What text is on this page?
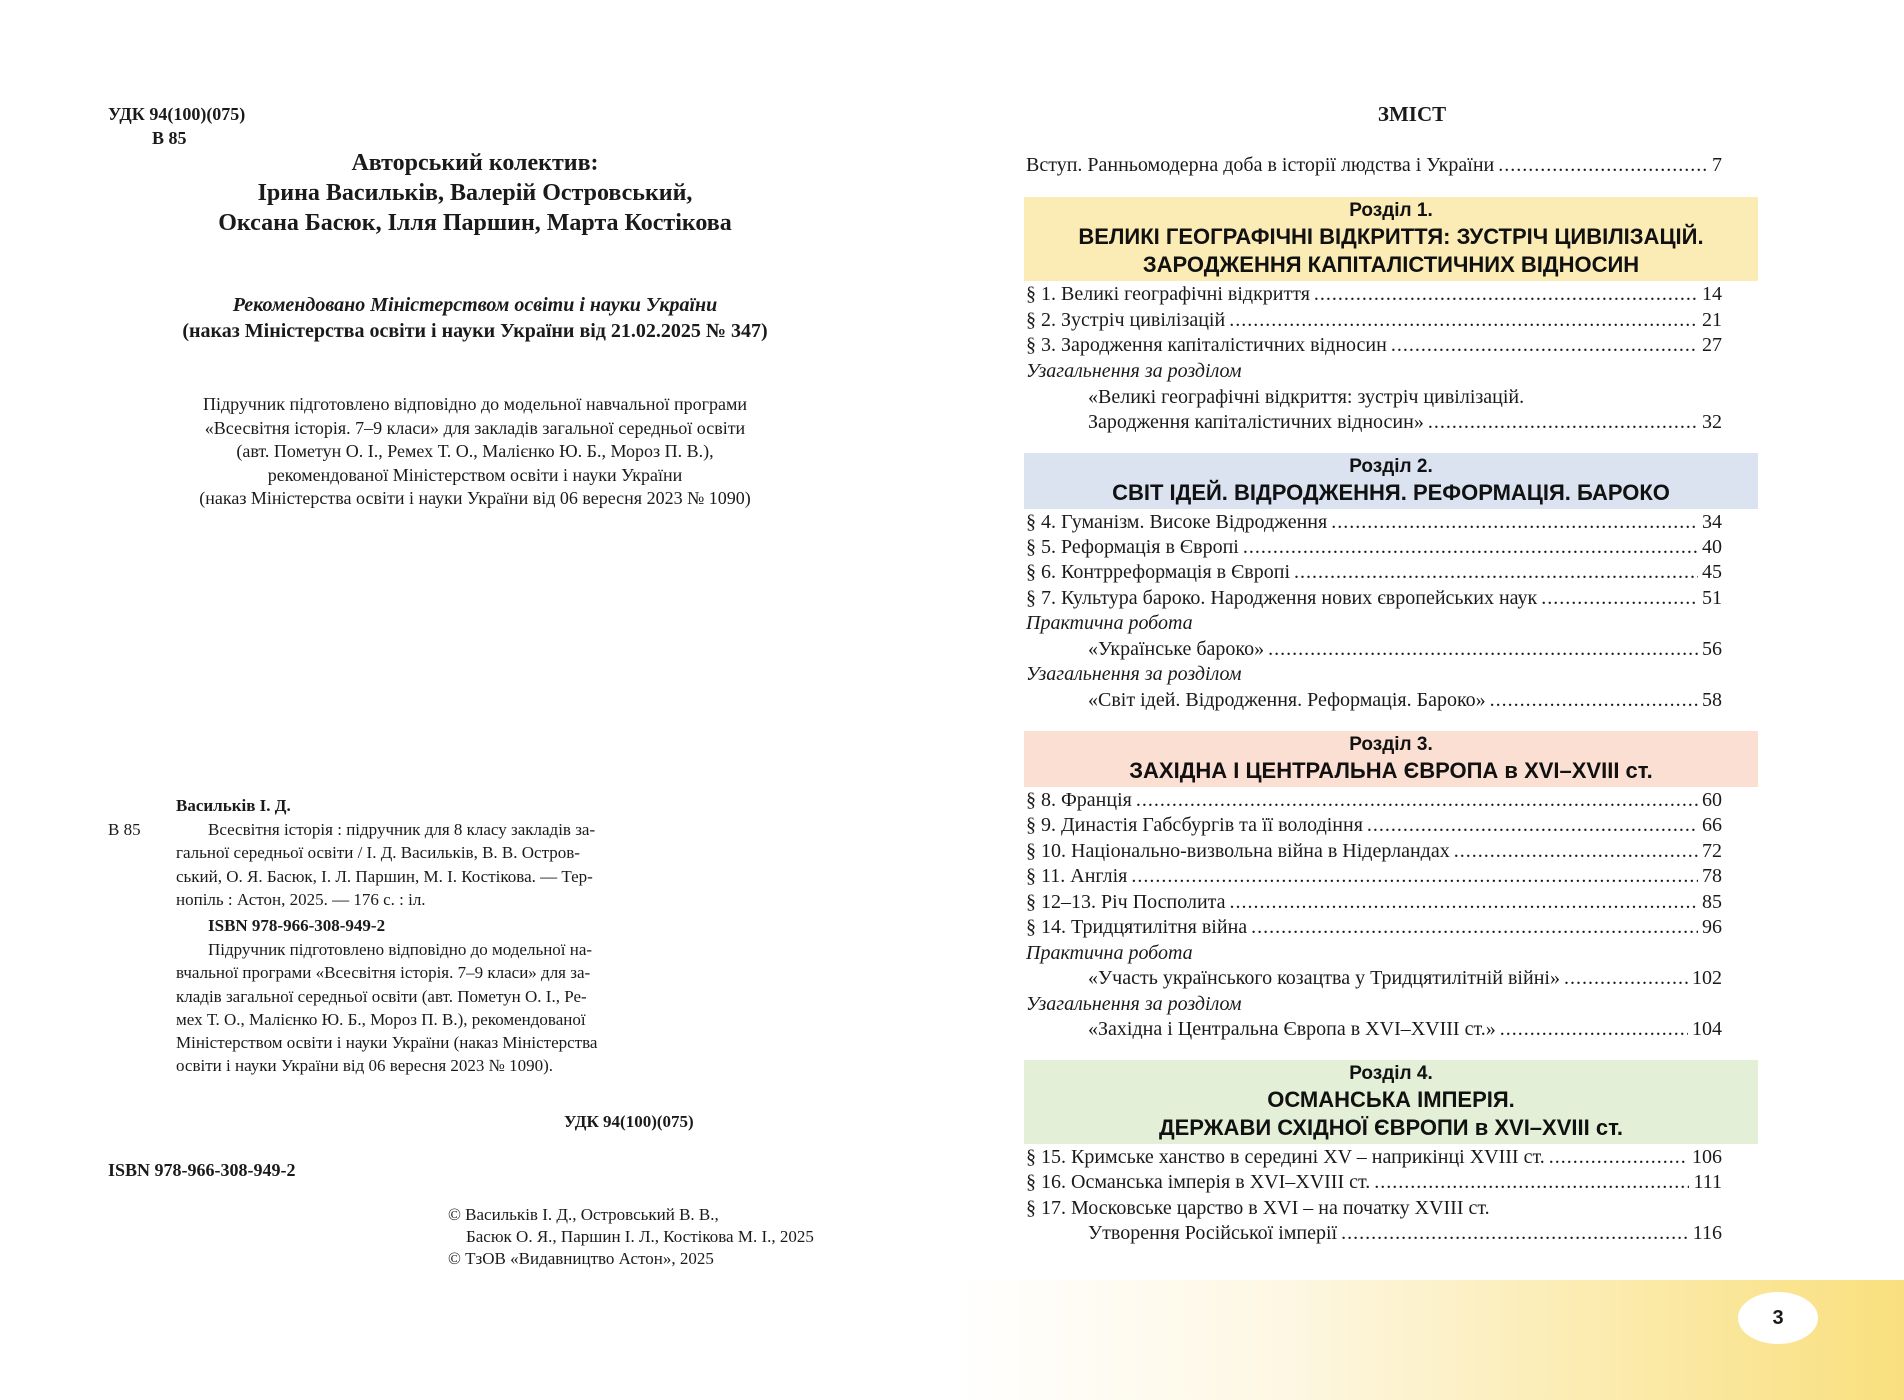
УДК 94(100)(075)
В 85
Авторський колектив:
Ірина Васильків, Валерій Островський,
Оксана Басюк, Ілля Паршин, Марта Костікова
Рекомендовано Міністерством освіти і науки України
(наказ Міністерства освіти і науки України від 21.02.2025 № 347)
Підручник підготовлено відповідно до модельної навчальної програми
«Всесвітня історія. 7–9 класи» для закладів загальної середньої освіти
(авт. Пометун О. І., Ремех Т. О., Малієнко Ю. Б., Мороз П. В.),
рекомендованої Міністерством освіти і науки України
(наказ Міністерства освіти і науки України від 06 вересня 2023 № 1090)
Васильків І. Д.
В 85	Всесвітня історія : підручник для 8 класу закладів за-
гальної середньої освіти / І. Д. Васильків, В. В. Остров-
ський, О. Я. Басюк, І. Л. Паршин, М. І. Костікова. — Тер-
нопіль : Астон, 2025. — 176 с. : іл.
ISBN 978-966-308-949-2
Підручник підготовлено відповідно до модельної на-
вчальної програми «Всесвітня історія. 7–9 класи» для за-
кладів загальної середньої освіти (авт. Пометун О. І., Ре-
мех Т. О., Малієнко Ю. Б., Мороз П. В.), рекомендованої
Міністерством освіти і науки України (наказ Міністерства
освіти і науки України від 06 вересня 2023 № 1090).
УДК 94(100)(075)
ISBN 978-966-308-949-2
© Васильків І. Д., Островський В. В.,
Басюк О. Я., Паршин І. Л., Костікова М. І., 2025
© ТзОВ «Видавництво Астон», 2025
ЗМІСТ
Вступ. Ранньомодерна доба в історії людства і України .....	7
Розділ 1.
ВЕЛИКІ ГЕОГРАФІЧНІ ВІДКРИТТЯ: ЗУСТРІЧ ЦИВІЛІЗАЦІЙ.
ЗАРОДЖЕННЯ КАПІТАЛІСТИЧНИХ ВІДНОСИН
§ 1. Великі географічні відкриття .....	14
§ 2. Зустріч цивілізацій .....	21
§ 3. Зародження капіталістичних відносин .....	27
Узагальнення за розділом
«Великі географічні відкриття: зустріч цивілізацій.
Зародження капіталістичних відносин» .....	32
Розділ 2.
СВІТ ІДЕЙ. ВІДРОДЖЕННЯ. РЕФОРМАЦІЯ. БАРОКО
§ 4. Гуманізм. Високе Відродження .....	34
§ 5. Реформація в Європі .....	40
§ 6. Контрреформація в Європі .....	45
§ 7. Культура бароко. Народження нових європейських наук .....	51
Практична робота
«Українське бароко» .....	56
Узагальнення за розділом
«Світ ідей. Відродження. Реформація. Бароко» .....	58
Розділ 3.
ЗАХІДНА І ЦЕНТРАЛЬНА ЄВРОПА в XVI–XVIII ст.
§ 8. Франція .....	60
§ 9. Династія Габсбургів та її володіння .....	66
§ 10. Національно-визвольна війна в Нідерландах .....	72
§ 11. Англія .....	78
§ 12–13. Річ Посполита .....	85
§ 14. Тридцятилітня війна .....	96
Практична робота
«Участь українського козацтва у Тридцятилітній війні» .....	102
Узагальнення за розділом
«Західна і Центральна Європа в XVI–XVIII ст.» .....	104
Розділ 4.
ОСМАНСЬКА ІМПЕРІЯ.
ДЕРЖАВИ СХІДНОЇ ЄВРОПИ в XVI–XVIII ст.
§ 15. Кримське ханство в середині XV – наприкінці XVIII ст. .....	106
§ 16. Османська імперія в XVI–XVIII ст. .....	111
§ 17. Московське царство в XVI – на початку XVIII ст.
Утворення Російської імперії .....	116
3
